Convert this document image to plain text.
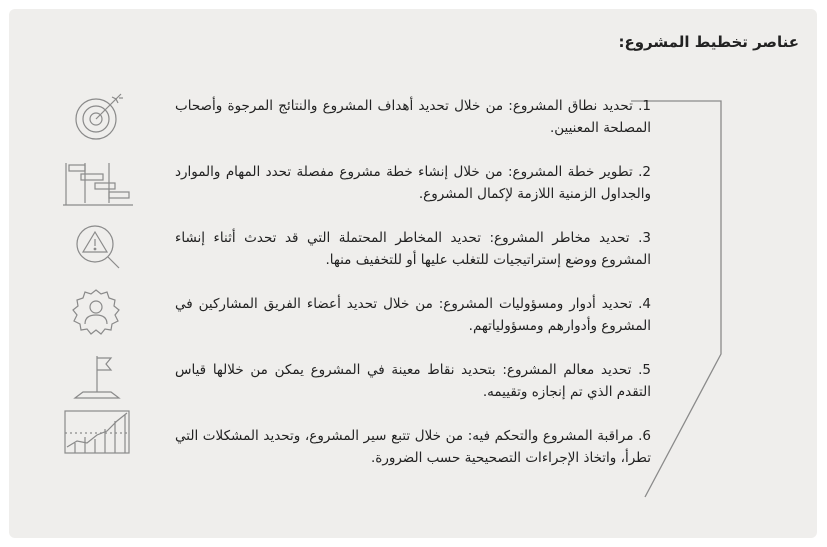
عناصر تخطيط المشروع:
1. تحديد نطاق المشروع: من خلال تحديد أهداف المشروع والنتائج المرجوة وأصحاب المصلحة المعنيين.
2. تطوير خطة المشروع: من خلال إنشاء خطة مشروع مفصلة تحدد المهام والموارد والجداول الزمنية اللازمة لإكمال المشروع.
3. تحديد مخاطر المشروع: تحديد المخاطر المحتملة التي قد تحدث أثناء إنشاء المشروع ووضع إستراتيجيات للتغلب عليها أو للتخفيف منها.
4. تحديد أدوار ومسؤوليات المشروع: من خلال تحديد أعضاء الفريق المشاركين في المشروع وأدوارهم ومسؤولياتهم.
5. تحديد معالم المشروع: بتحديد نقاط معينة في المشروع يمكن من خلالها قياس التقدم الذي تم إنجازه وتقييمه.
6. مراقبة المشروع والتحكم فيه: من خلال تتبع سير المشروع، وتحديد المشكلات التي تطرأ، واتخاذ الإجراءات التصحيحية حسب الضرورة.
